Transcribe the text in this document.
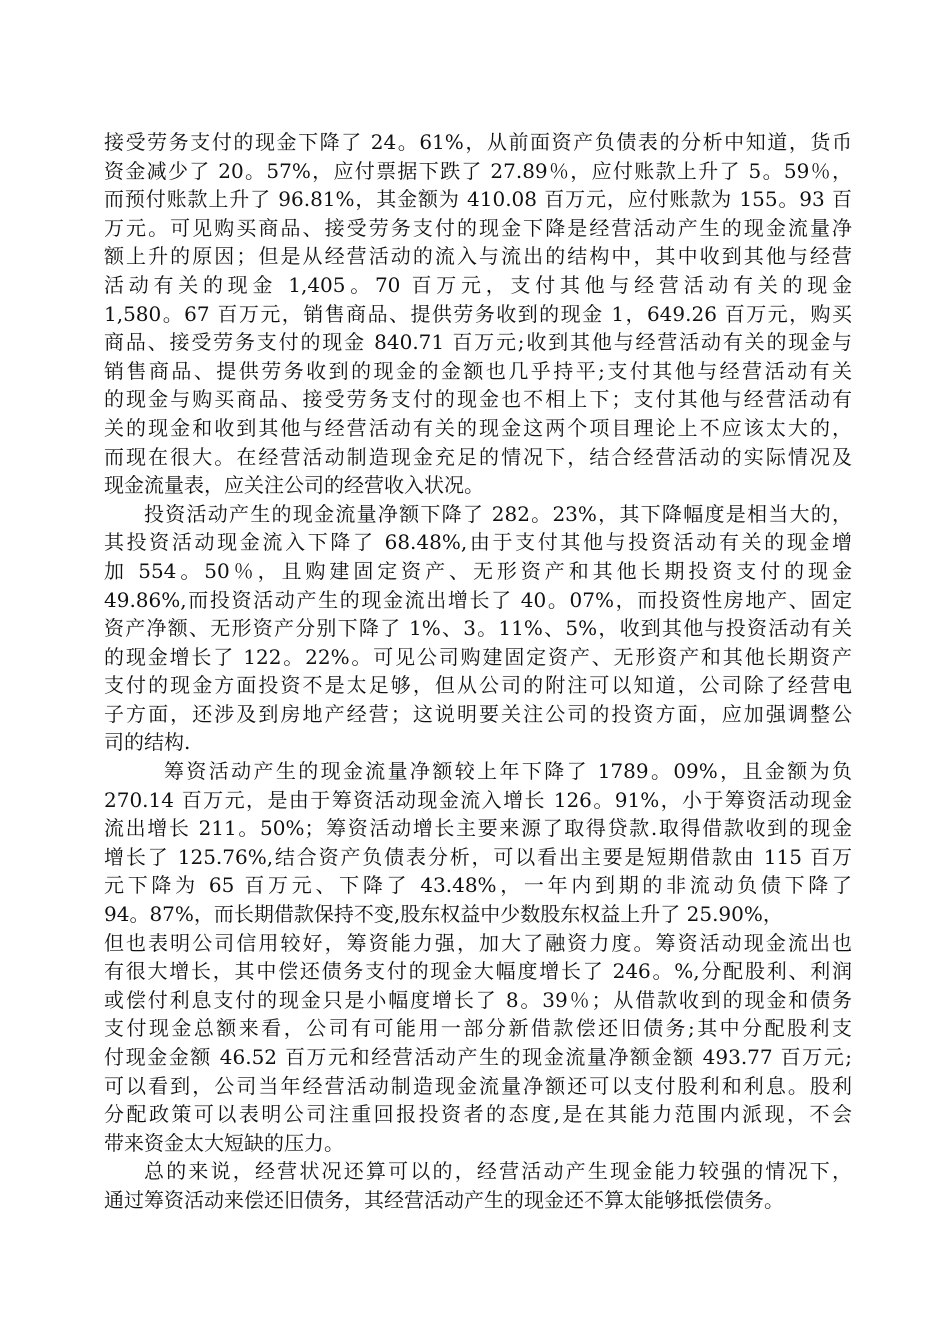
接受劳务支付的现金下降了 24。61%，从前面资产负债表的分析中知道，货币
资金减少了 20。57%，应付票据下跌了 27.89％，应付账款上升了 5。59％，
而预付账款上升了 96.81%，其金额为 410.08 百万元，应付账款为 155。93 百
万元。可见购买商品、接受劳务支付的现金下降是经营活动产生的现金流量净
额上升的原因；但是从经营活动的流入与流出的结构中，其中收到其他与经营
活动有关的现金 1,405。70 百万元，支付其他与经营活动有关的现金
1,580。67 百万元，销售商品、提供劳务收到的现金 1，649.26 百万元，购买
商品、接受劳务支付的现金 840.71 百万元;收到其他与经营活动有关的现金与
销售商品、提供劳务收到的现金的金额也几乎持平;支付其他与经营活动有关
的现金与购买商品、接受劳务支付的现金也不相上下；支付其他与经营活动有
关的现金和收到其他与经营活动有关的现金这两个项目理论上不应该太大的，
而现在很大。在经营活动制造现金充足的情况下，结合经营活动的实际情况及
现金流量表，应关注公司的经营收入状况。
投资活动产生的现金流量净额下降了 282。23%，其下降幅度是相当大的，
其投资活动现金流入下降了 68.48%,由于支付其他与投资活动有关的现金增
加 554。50％，且购建固定资产、无形资产和其他长期投资支付的现金
49.86%,而投资活动产生的现金流出增长了 40。07%，而投资性房地产、固定
资产净额、无形资产分别下降了 1%、3。11%、5%，收到其他与投资活动有关
的现金增长了 122。22%。可见公司购建固定资产、无形资产和其他长期资产
支付的现金方面投资不是太足够，但从公司的附注可以知道，公司除了经营电
子方面，还涉及到房地产经营；这说明要关注公司的投资方面，应加强调整公
司的结构.
筹资活动产生的现金流量净额较上年下降了 1789。09%，且金额为负
270.14 百万元，是由于筹资活动现金流入增长 126。91%，小于筹资活动现金
流出增长 211。50%；筹资活动增长主要来源了取得贷款.取得借款收到的现金
增长了 125.76%,结合资产负债表分析，可以看出主要是短期借款由 115 百万
元下降为 65 百万元、下降了 43.48%，一年内到期的非流动负债下降了
94。87%，而长期借款保持不变,股东权益中少数股东权益上升了 25.90%，
但也表明公司信用较好，筹资能力强，加大了融资力度。筹资活动现金流出也
有很大增长，其中偿还债务支付的现金大幅度增长了 246。%,分配股利、利润
或偿付利息支付的现金只是小幅度增长了 8。39％；从借款收到的现金和债务
支付现金总额来看，公司有可能用一部分新借款偿还旧债务;其中分配股利支
付现金金额 46.52 百万元和经营活动产生的现金流量净额金额 493.77 百万元;
可以看到，公司当年经营活动制造现金流量净额还可以支付股利和利息。股利
分配政策可以表明公司注重回报投资者的态度,是在其能力范围内派现，不会
带来资金太大短缺的压力。
总的来说，经营状况还算可以的，经营活动产生现金能力较强的情况下，
通过筹资活动来偿还旧债务，其经营活动产生的现金还不算太能够抵偿债务。
